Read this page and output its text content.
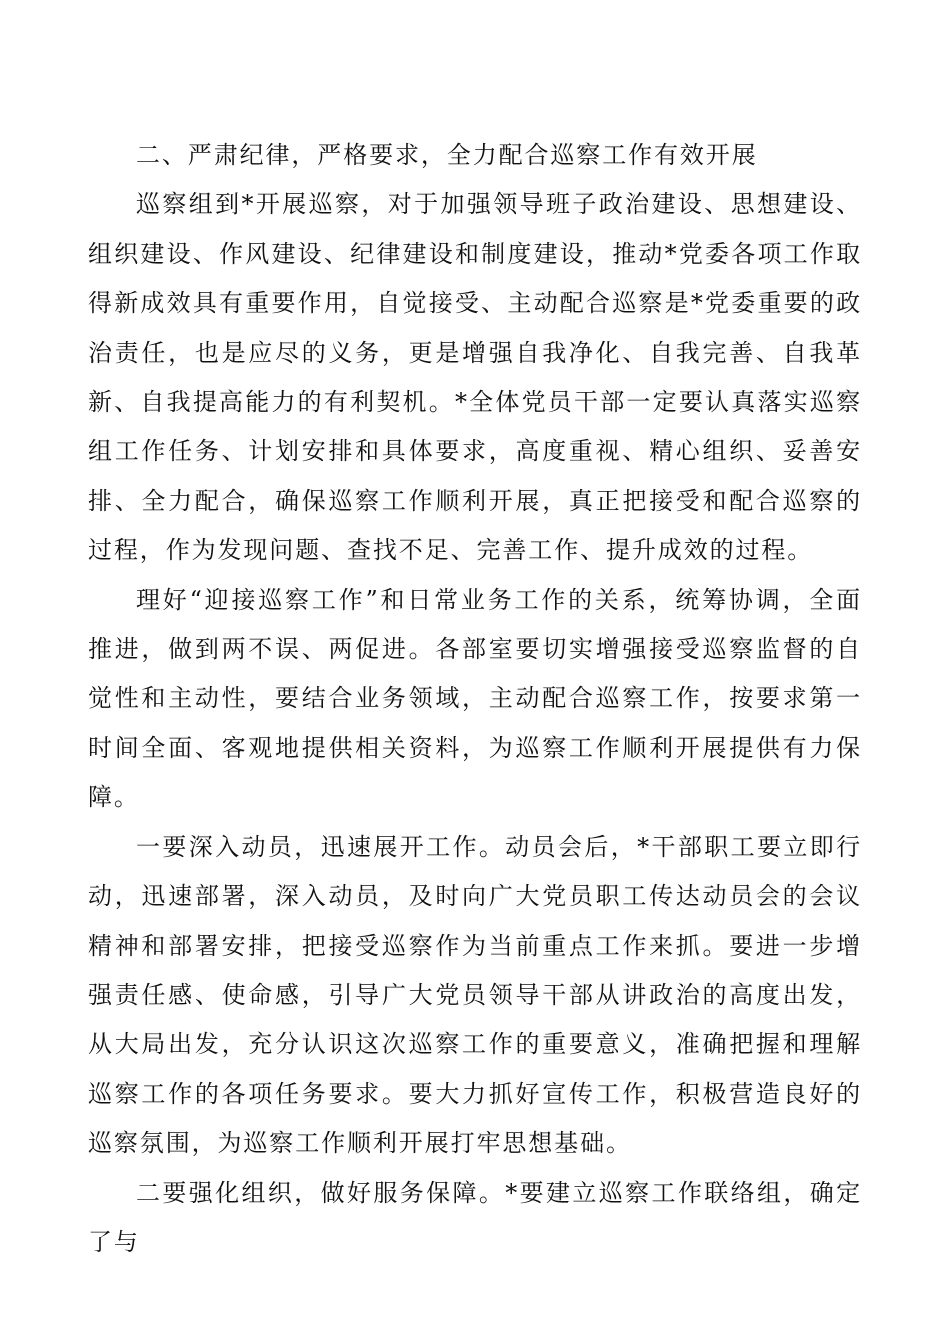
二、严肃纪律，严格要求，全力配合巡察工作有效开展

巡察组到*开展巡察，对于加强领导班子政治建设、思想建设、组织建设、作风建设、纪律建设和制度建设，推动*党委各项工作取得新成效具有重要作用，自觉接受、主动配合巡察是*党委重要的政治责任，也是应尽的义务，更是增强自我净化、自我完善、自我革新、自我提高能力的有利契机。*全体党员干部一定要认真落实巡察组工作任务、计划安排和具体要求，高度重视、精心组织、妥善安排、全力配合，确保巡察工作顺利开展，真正把接受和配合巡察的过程，作为发现问题、查找不足、完善工作、提升成效的过程。

理好“迎接巡察工作”和日常业务工作的关系，统筹协调，全面推进，做到两不误、两促进。各部室要切实增强接受巡察监督的自觉性和主动性，要结合业务领域，主动配合巡察工作，按要求第一时间全面、客观地提供相关资料，为巡察工作顺利开展提供有力保障。

一要深入动员，迅速展开工作。动员会后，*干部职工要立即行动，迅速部署，深入动员，及时向广大党员职工传达动员会的会议精神和部署安排，把接受巡察作为当前重点工作来抓。要进一步增强责任感、使命感，引导广大党员领导干部从讲政治的高度出发，从大局出发，充分认识这次巡察工作的重要意义，准确把握和理解巡察工作的各项任务要求。要大力抓好宣传工作，积极营造良好的巡察氛围，为巡察工作顺利开展打牢思想基础。

二要强化组织，做好服务保障。*要建立巡察工作联络组，确定了与
